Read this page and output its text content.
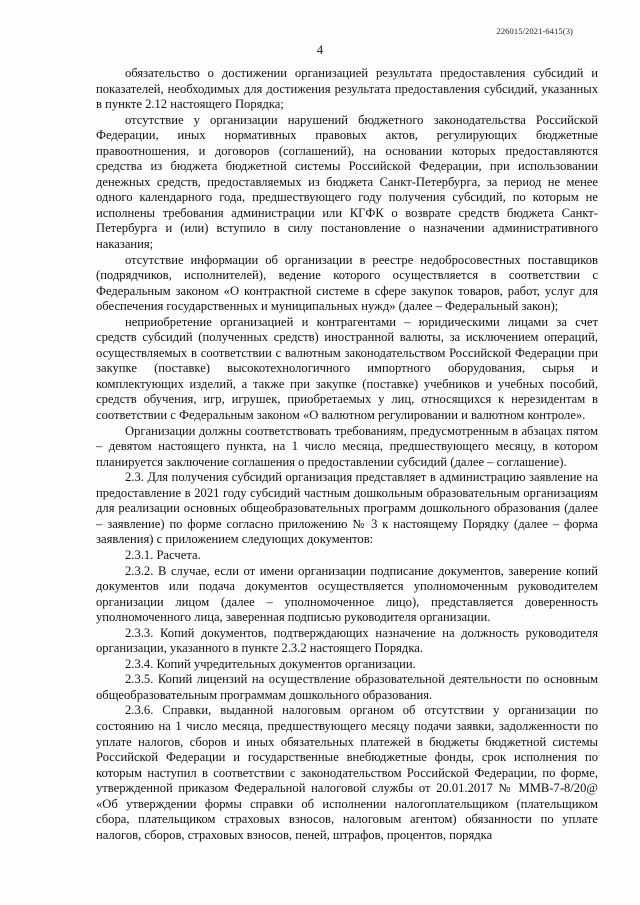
226015/2021-6415(3)
4

обязательство о достижении организацией результата предоставления субсидий и показателей, необходимых для достижения результата предоставления субсидий, указанных в пункте 2.12 настоящего Порядка;

отсутствие у организации нарушений бюджетного законодательства Российской Федерации, иных нормативных правовых актов, регулирующих бюджетные правоотношения, и договоров (соглашений), на основании которых предоставляются средства из бюджета бюджетной системы Российской Федерации, при использовании денежных средств, предоставляемых из бюджета Санкт-Петербурга, за период не менее одного календарного года, предшествующего году получения субсидий, по которым не исполнены требования администрации или КГФК о возврате средств бюджета Санкт-Петербурга и (или) вступило в силу постановление о назначении административного наказания;

отсутствие информации об организации в реестре недобросовестных поставщиков (подрядчиков, исполнителей), ведение которого осуществляется в соответствии с Федеральным законом «О контрактной системе в сфере закупок товаров, работ, услуг для обеспечения государственных и муниципальных нужд» (далее – Федеральный закон);

неприобретение организацией и контрагентами – юридическими лицами за счет средств субсидий (полученных средств) иностранной валюты, за исключением операций, осуществляемых в соответствии с валютным законодательством Российской Федерации при закупке (поставке) высокотехнологичного импортного оборудования, сырья и комплектующих изделий, а также при закупке (поставке) учебников и учебных пособий, средств обучения, игр, игрушек, приобретаемых у лиц, относящихся к нерезидентам в соответствии с Федеральным законом «О валютном регулировании и валютном контроле».

Организации должны соответствовать требованиям, предусмотренным в абзацах пятом – девятом настоящего пункта, на 1 число месяца, предшествующего месяцу, в котором планируется заключение соглашения о предоставлении субсидий (далее – соглашение).

2.3. Для получения субсидий организация представляет в администрацию заявление на предоставление в 2021 году субсидий частным дошкольным образовательным организациям для реализации основных общеобразовательных программ дошкольного образования (далее – заявление) по форме согласно приложению № 3 к настоящему Порядку (далее – форма заявления) с приложением следующих документов:

2.3.1. Расчета.

2.3.2. В случае, если от имени организации подписание документов, заверение копий документов или подача документов осуществляется уполномоченным руководителем организации лицом (далее – уполномоченное лицо), представляется доверенность уполномоченного лица, заверенная подписью руководителя организации.

2.3.3. Копий документов, подтверждающих назначение на должность руководителя организации, указанного в пункте 2.3.2 настоящего Порядка.

2.3.4. Копий учредительных документов организации.

2.3.5. Копий лицензий на осуществление образовательной деятельности по основным общеобразовательным программам дошкольного образования.

2.3.6. Справки, выданной налоговым органом об отсутствии у организации по состоянию на 1 число месяца, предшествующего месяцу подачи заявки, задолженности по уплате налогов, сборов и иных обязательных платежей в бюджеты бюджетной системы Российской Федерации и государственные внебюджетные фонды, срок исполнения по которым наступил в соответствии с законодательством Российской Федерации, по форме, утвержденной приказом Федеральной налоговой службы от 20.01.2017 № ММВ-7-8/20@ «Об утверждении формы справки об исполнении налогоплательщиком (плательщиком сбора, плательщиком страховых взносов, налоговым агентом) обязанности по уплате налогов, сборов, страховых взносов, пеней, штрафов, процентов, порядка
